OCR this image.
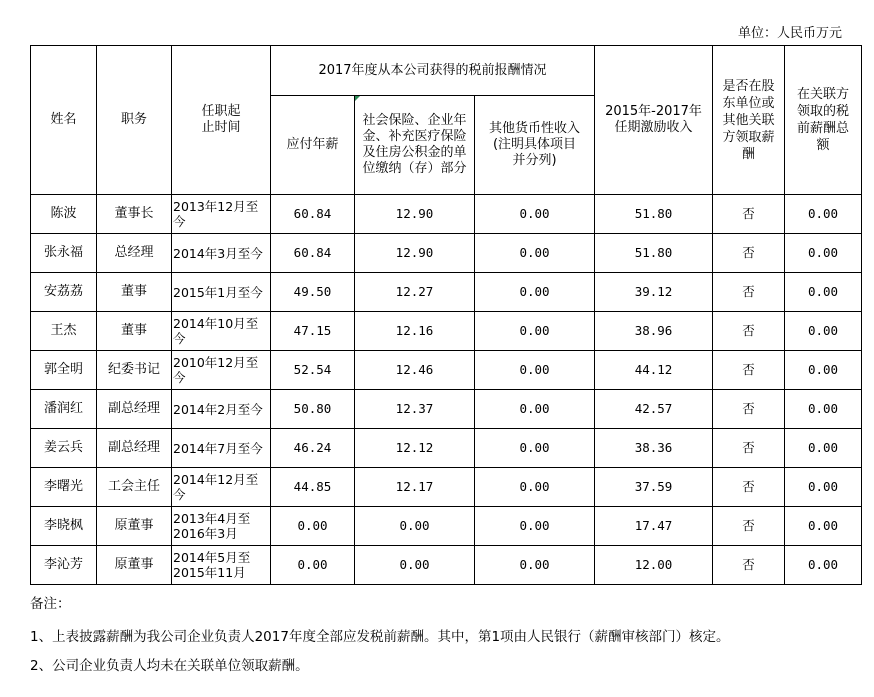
单位：人民币万元
姓名	职务	任职起止时间	2017年度从本公司获得的税前报酬情况			2015年-2017年任期激励收入	是否在股东单位或其他关联方领取薪酬	在关联方领取的税前薪酬总额

			应付年薪	社会保险、企业年金、补充医疗保险及住房公积金的单位缴纳（存）部分	其他货币性收入(注明具体项目并分列)			

陈波	董事长	2013年12月至今	60.84	12.90	0.00	51.80	否	0.00
张永福	总经理	2014年3月至今	60.84	12.90	0.00	51.80	否	0.00
安荔荔	董事	2015年1月至今	49.50	12.27	0.00	39.12	否	0.00
王杰	董事	2014年10月至今	47.15	12.16	0.00	38.96	否	0.00
郭全明	纪委书记	2010年12月至今	52.54	12.46	0.00	44.12	否	0.00
潘润红	副总经理	2014年2月至今	50.80	12.37	0.00	42.57	否	0.00
姜云兵	副总经理	2014年7月至今	46.24	12.12	0.00	38.36	否	0.00
李曙光	工会主任	2014年12月至今	44.85	12.17	0.00	37.59	否	0.00
李晓枫	原董事	2013年4月至2016年3月	0.00	0.00	0.00	17.47	否	0.00
李沁芳	原董事	2014年5月至2015年11月	0.00	0.00	0.00	12.00	否	0.00
备注：
1、上表披露薪酬为我公司企业负责人2017年度全部应发税前薪酬。其中，第1项由人民银行（薪酬审核部门）核定。
2、公司企业负责人均未在关联单位领取薪酬。
